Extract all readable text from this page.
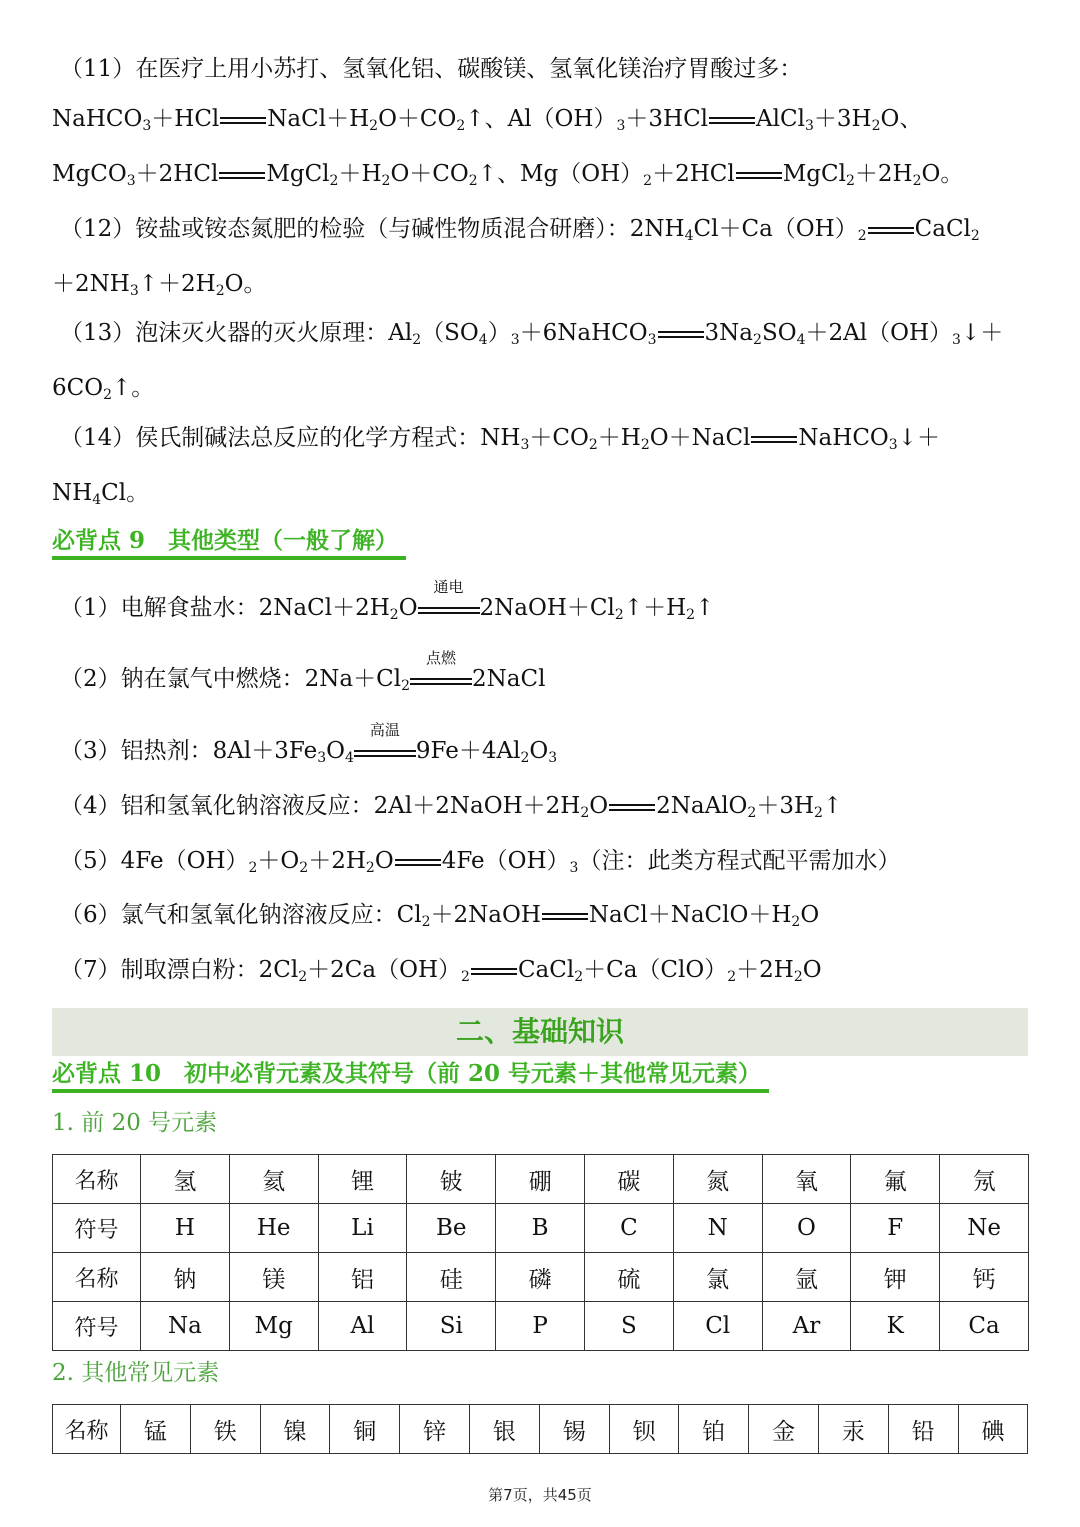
（11）在医疗上用小苏打、氢氧化铝、碳酸镁、氢氧化镁治疗胃酸过多：
NaHCO$_3$＋HCl $NaCl+H_2O+CO_2↑$、$Al(OH)_3+3HCl$ $AlCl_3+3H_2O$、
MgCO$_3$＋2HCl $MgCl_2+H_2O+CO_2↑$、$Mg(OH)_2+2HCl$ $MgCl_2+2H_2O$。
（12）铵盐或铵态氮肥的检验（与碱性物质混合研磨）：$2NH_4Cl+Ca(OH)_2$ CaCl$_2$
$+2NH_3↑+2H_2O$。
（13）泡沫灭火器的灭火原理：$Al_2(SO_4)_3+6NaHCO_3$ $3Na_2SO_4+2Al(OH)_3↓+$
$6CO_2↑$。
（14）侯氏制碱法总反应的化学方程式：$NH_3+CO_2+H_2O+NaCl$ NaHCO$_3$↓＋
$NH_4Cl$。
必背点 9　其他类型（一般了解）
（1）电解食盐水：$2NaCl+2H_2O$
通电
$2NaOH+Cl_2↑+H_2↑$
（2）钠在氯气中燃烧：$2Na+Cl_2$
点燃
2NaCl
（3）铝热剂：$8Al+3Fe_3O_4$
高温
$9Fe+4Al_2O_3$
（4）铝和氢氧化钠溶液反应：$2Al+2NaOH+2H_2O$ $2NaAlO_2+3H_2↑$
$(5)4Fe(OH)_2+O_2+2H_2O$ $4Fe(OH)_3$（注：此类方程式配平需加水）
（6）氯气和氢氧化钠溶液反应：$Cl_2+2NaOH$ $NaCl+NaClO+H_2O$
（7）制取漂白粉：$2Cl_2+2Ca(OH)_2$ $CaCl_2+Ca(ClO)_2+2H_2O$
二、基础知识
必背点 10　初中必背元素及其符号（前 20 号元素＋其他常见元素）
1. 前 20 号元素
名称	氢	氦	锂	铍	硼	碳	氮	氧	氟	氖
符号	H	He	Li	Be	B	C	N	O	F	Ne
名称	钠	镁	铝	硅	磷	硫	氯	氩	钾	钙
符号	Na	Mg	Al	Si	P	S	Cl	Ar	K	Ca
2. 其他常见元素
名称	锰	铁	镍	铜	锌	银	锡	钡	铂	金	汞	铅	碘
第7页，共45页
